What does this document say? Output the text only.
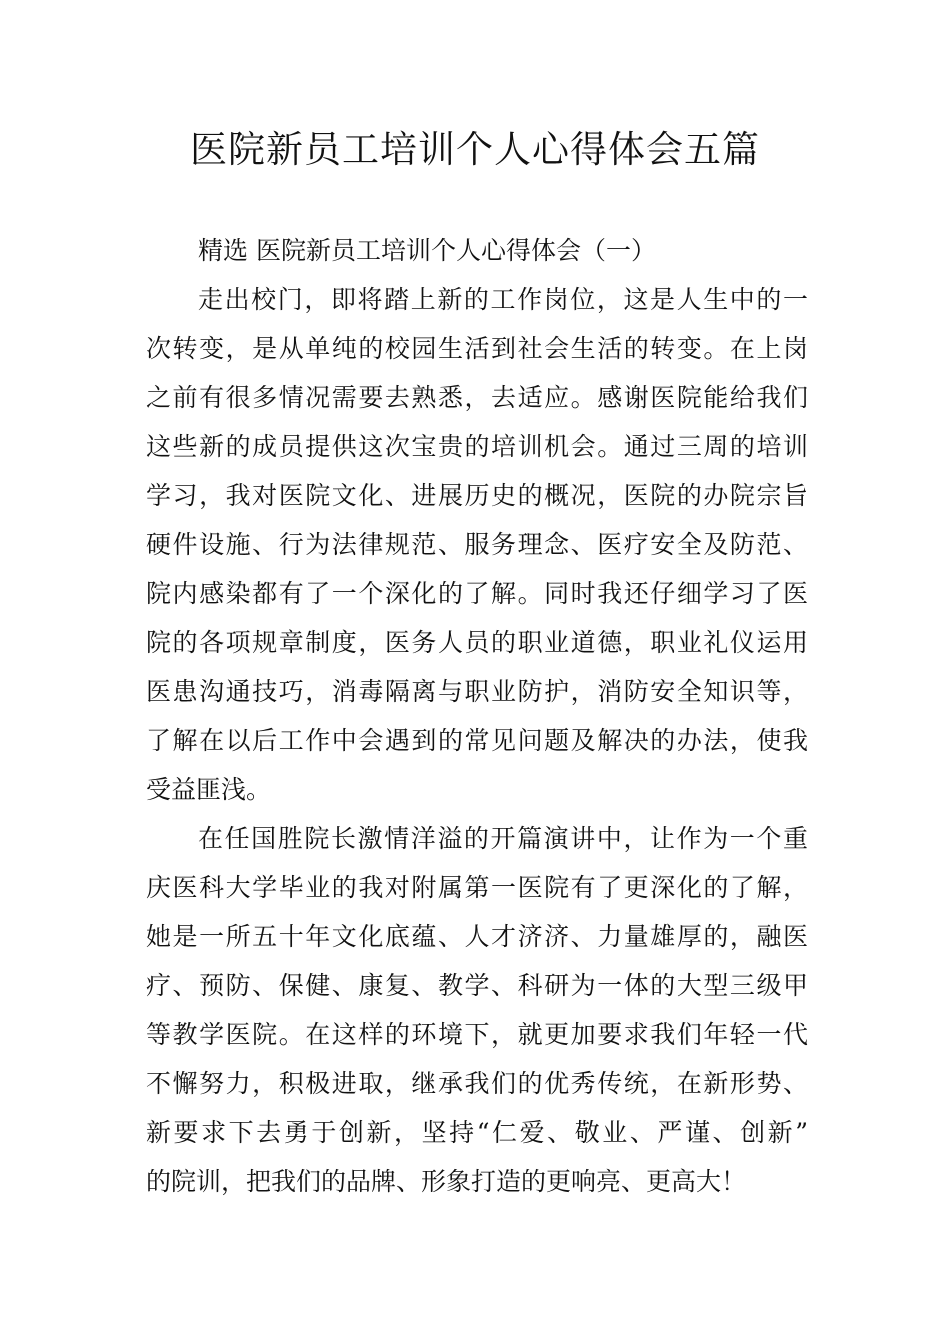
医院新员工培训个人心得体会五篇
精选 医院新员工培训个人心得体会（一）
走出校门，即将踏上新的工作岗位，这是人生中的一
次转变，是从单纯的校园生活到社会生活的转变。在上岗
之前有很多情况需要去熟悉，去适应。感谢医院能给我们
这些新的成员提供这次宝贵的培训机会。通过三周的培训
学习，我对医院文化、进展历史的概况，医院的办院宗旨
硬件设施、行为法律规范、服务理念、医疗安全及防范、
院内感染都有了一个深化的了解。同时我还仔细学习了医
院的各项规章制度，医务人员的职业道德，职业礼仪运用
医患沟通技巧，消毒隔离与职业防护，消防安全知识等，
了解在以后工作中会遇到的常见问题及解决的办法，使我
受益匪浅。
在任国胜院长激情洋溢的开篇演讲中，让作为一个重
庆医科大学毕业的我对附属第一医院有了更深化的了解，
她是一所五十年文化底蕴、人才济济、力量雄厚的，融医
疗、预防、保健、康复、教学、科研为一体的大型三级甲
等教学医院。在这样的环境下，就更加要求我们年轻一代
不懈努力，积极进取，继承我们的优秀传统，在新形势、
新要求下去勇于创新，坚持“仁爱、敬业、严谨、创新”
的院训，把我们的品牌、形象打造的更响亮、更高大！
